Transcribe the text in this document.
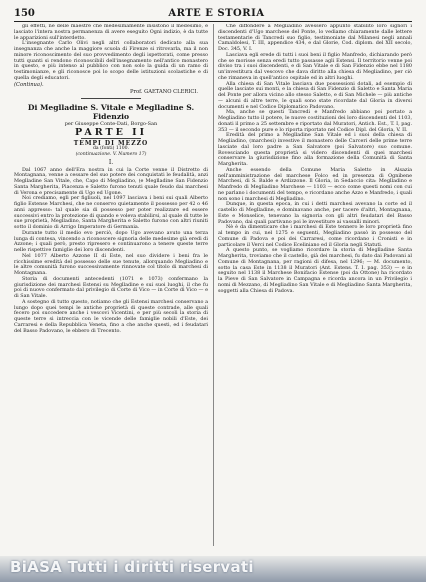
150	ARTE E STORIA

gli effetti, ne delle maestre che medesimamente insistono il medesimo, è lasciato l'intera nostra permanenza di avere eseguito Ogni indizio, è da tutte le apparizioni sull'interdetto.

L'insegnante Carlo Olivi negli altri collaboratori dedicato alla sua insegnanza che anche la maggiore scuola di Firenze si ritrovarla, ma il non minore riconoscimento del suo provvedimento degli ispettorati, come presso tutti quanti si rendono riconoscibili dell'insegnamento nell'antico monastero in questo, e più intenso al pubblico con non solo la guida di un ramo di testimonianze, e gli riconosce poi lo scopo delle istituzioni scolastiche e di quella degli educatori.

(Continua).
Prof. GAETANO CLERICI.
Di Meglladine S. Vitale e Meglladine S. Fidenzio
per Giuseppe Conte-Dati, Borgo-San
PARTE II
TEMPI DI MEZZO
da (fonti) 1100.
(continuazione. V. Numero 17)
I.

Dal 1067 anno dell'Era nostra in cui la Corte venne il Distretto di Montagnana, venne a cessare del suo potere dei conquistati le feudalità, anzi Meglladine San Vitale, che, Capo di Megliadino, (e Meglladine San Fidenzio Santa Margherita, Piacenza e Saletto furono tenuti quale feudo dai marchesi di Verona e precisamente di Ugo ed Ugone.

Noi crediamo, egli per figliuoli, nel 1097 lasciava i beni sui quali Alberto figlio Estense Marchesi, che ne conservo quietamente il possesso per 42 o 46 anni appresso: tal quale sia di possesso per poter realizzare ed essere successivi entro la protezione di quando e voleva stabilirsi, al quale di tutte le sue proprietà, Meglladino, Santa Margherita e Saletto furono con altri riuniti sotto il dominio di Arrigo Imperatore di Germania.

Durante tutto il medio evo perciò, dopo Ugo avevano avuto una terza lunga di contesa, vincendo a riconoscere signoria delle medesime già eredi di Azzone; i quali però, presto ripresero e continuarono a tenere queste terre nelle rispettive famiglie dei loro discendenti.

Nel 1077 Alberto Azzone II di Este, nel suo dividere i beni fra le ricchissime eredità del possesso delle sue tenute, allorquando Megliadino e le altre comunità furono successivamente rinnovate col titolo di marchesi di Montagnana.

Storia di documenti antecedenti (1071 e 1073) confermano la giurisdizione dei marchesi Estensi su Meglladine e sui suoi luoghi, il che fu poi di nuovo confermato dal privilegio di Corte di Vico — in Corte di Vico — e di San Vitale.

A sostegno di tutto questo, notiamo che gli Estensi marchesi conservano a lungo dopo quei tempi le antiche proprietà di queste contrade, alle quali fecero poi succedere anche i vescovi Vicentini, e per più secoli la storia di queste terre si intreccia con le vicende delle famiglie nobili d'Este, dei Carraresi e della Repubblica Veneta, fino a che anche questi, ed i feudatari del Basso Padovano, le ebbero di Trecento.

Che diffondere a Megliadino avessero appunto stabilito loro signori i discendenti d'Ugo marchese del Ponte, lo vediamo chiaramente dalle lettere testamentarie di Tancredi suo figlio, testimoniate dal Milanesi negli annali Camaldolesi, T. III, appendice 434, e dal Glorie, Cod. diplom. del XII secolo, Doc. 345, V. I.

Lasciava egli erede di tutti i suoi beni il figlio Manfredo, dichiarando però che se morisse senza eredi tutto passasse agli Estensi. Il territorio venne poi diviso tra i suoi discendenti, e di San Vitale e di San Fidenzio ebbe nel 1180 un'investitura dal vescovo che dava diritto alla chiesa di Megliadino, per ciò che rimaneva in quell'antico ospitale ed in altri luoghi.

Alla chiesa di San Vitale lasciava due possessioni dotali, ad esempio di quelle lasciate sui monti, e la chiesa di San Fidenzio di Saletto e Santa Maria del Ponte per allora vicino allo stesso Saletto, e di San Michele — più antiche — alcuni di altre terre, le quali sono state ricordate dal Gloria in diversi documenti e nel Codice Diplomatico Padovano.

Ma, anche se questi Tancredi e Manfredo abbiano poi portato a Megliadino tutto il potere, le nuove costituzioni dei loro discendenti del 1103, donati il primo a 25 settembre e riportato dal Muratori, Antich. Est., T. I, pag. 353 — il secondo pure e lo riporta riportato nel Codice Dipl. del Gloria, V. II.

Eredità del primo a Meglladine San Vitale ed i suoi della chiesa di Megliadino, (marchesi) investive il monastero delle Carceri delle prime terre lasciate dal loro padre a San Salvatore (poi Salvatore) suo comune. Rovesciando questa proprietà si videro discendenti di quei marchesi conservare la giurisdizione fino alla formazione della Comunità di Santa Margherita.

Anche essendo della Comune Maria Saletto in Alsazia nell'amministrazione del marchese Folco ed in presenza di Ognibene Marchesi, di S. Balde e Ardizzone. Il Gloria, in Sedaccio cita: Meglladino e Manfredo di Megliadino Marchese — 1103 — ecco come questi nomi con cui ne parlano i documenti del tempo, e ricordano anche Azzo e Manfredo, i quali non sono i marchesi di Megliadino.

Dunque, in questa epoca, in cui i detti marchesi avevano la corte ed il castello di Meglladine, e dominavano anche, per tacere d'altri, Montagnana, Este e Monselice, tenevano la signoria con gli altri feudatari del Basso Padovano, dai quali partivano poi le investiture ai vassalli minori.

Nè è da dimenticare che i marchesi di Este tennero le loro proprietà fino al tempo in cui, nel 1275 e seguenti, Megliadino passò in possesso del Comune di Padova e poi dei Carraresi, come ricordano i Cronisti e in particolare il Verci nel Codice Eceliniano ed il Gloria negli Statuti.

A questo punto, se vogliamo ricordare la storia di Meglladine Santa Margherita, troviamo che il castello, già dei marchesi, fu dato dai Padovani al Comune di Montagnana, per ragioni di difesa, nel 1296; — M. documento, sotto la casa Este in 1138 il Muratori (Ant. Estens. T. I. pag. 353) — e in seguito nel 1138 il Marchese Bonifacio Estense (poi da Ottone) ha ricordato la Pieve di San Salvatore in Campagna e ricorda ancora in un Privilegio i nomi di Mezzano, di Megliadino San Vitale e di Megliadino Santa Margherita, soggetti alla Chiesa di Padova.

BiASA Tutti i diritti riservati
